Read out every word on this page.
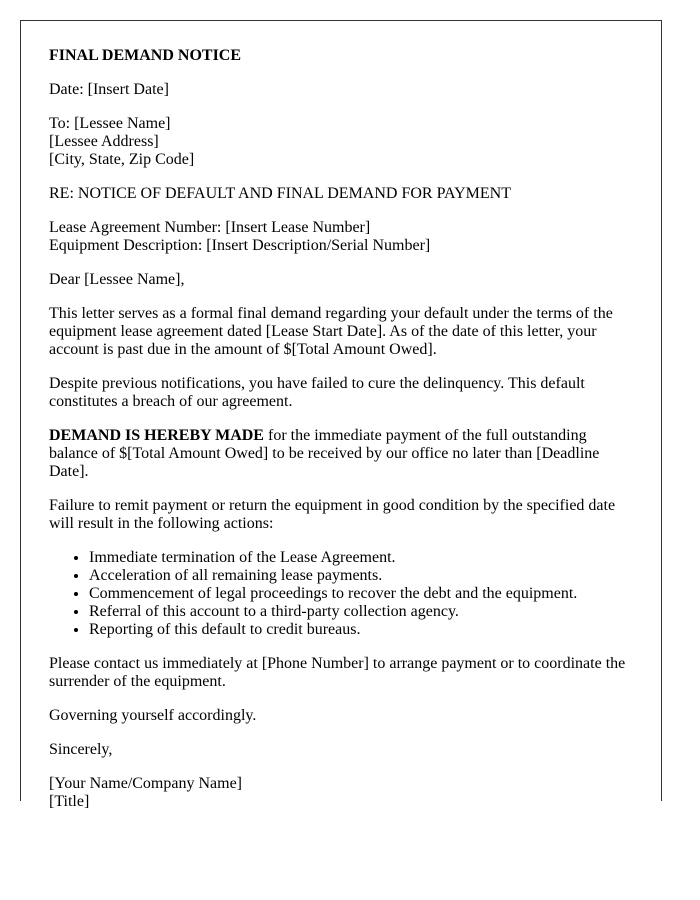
FINAL DEMAND NOTICE

Date: [Insert Date]

To: [Lessee Name]
[Lessee Address]
[City, State, Zip Code]

RE: NOTICE OF DEFAULT AND FINAL DEMAND FOR PAYMENT

Lease Agreement Number: [Insert Lease Number]
Equipment Description: [Insert Description/Serial Number]

Dear [Lessee Name],

This letter serves as a formal final demand regarding your default under the terms of the equipment lease agreement dated [Lease Start Date]. As of the date of this letter, your account is past due in the amount of $[Total Amount Owed].

Despite previous notifications, you have failed to cure the delinquency. This default constitutes a breach of our agreement.

DEMAND IS HEREBY MADE for the immediate payment of the full outstanding balance of $[Total Amount Owed] to be received by our office no later than [Deadline Date].

Failure to remit payment or return the equipment in good condition by the specified date will result in the following actions:

• Immediate termination of the Lease Agreement.
• Acceleration of all remaining lease payments.
• Commencement of legal proceedings to recover the debt and the equipment.
• Referral of this account to a third-party collection agency.
• Reporting of this default to credit bureaus.

Please contact us immediately at [Phone Number] to arrange payment or to coordinate the surrender of the equipment.

Governing yourself accordingly.

Sincerely,

[Your Name/Company Name]
[Title]
